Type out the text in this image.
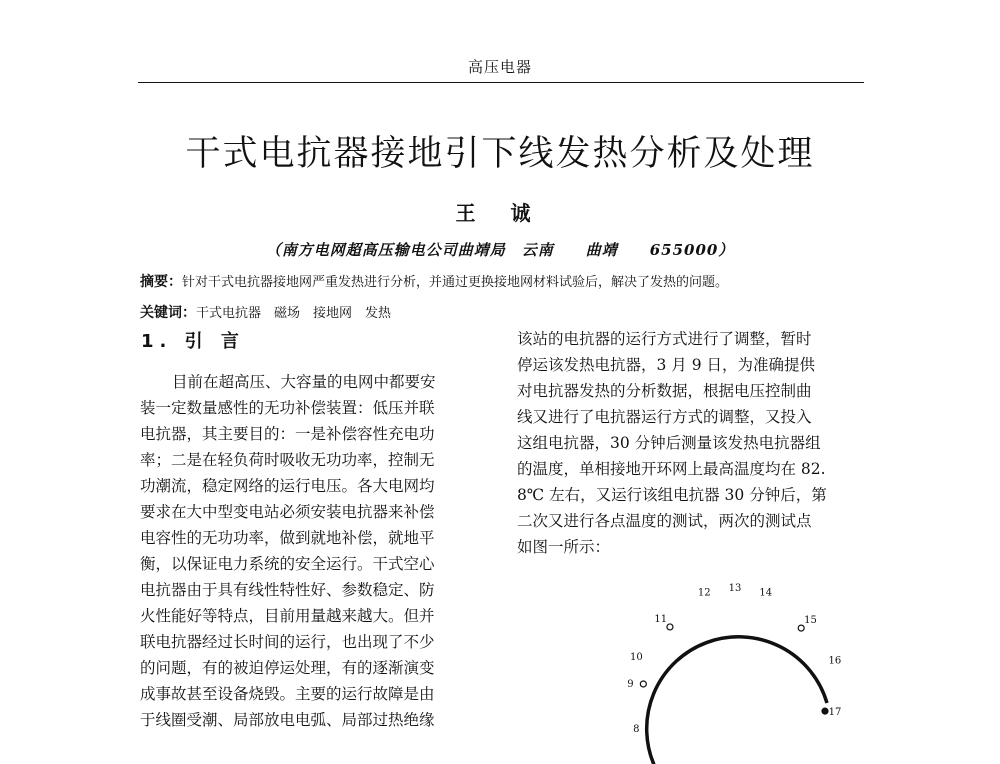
高压电器
干式电抗器接地引下线发热分析及处理
王 诚
（南方电网超高压输电公司曲靖局　云南　　曲靖　　655000）
摘要：针对干式电抗器接地网严重发热进行分析，并通过更换接地网材料试验后，解决了发热的问题。
关键词：干式电抗器　磁场　接地网　发热
1. 引 言
目前在超高压、大容量的电网中都要安
装一定数量感性的无功补偿装置：低压并联
电抗器，其主要目的：一是补偿容性充电功
率；二是在轻负荷时吸收无功功率，控制无
功潮流，稳定网络的运行电压。各大电网均
要求在大中型变电站必须安装电抗器来补偿
电容性的无功功率，做到就地补偿，就地平
衡，以保证电力系统的安全运行。干式空心
电抗器由于具有线性特性好、参数稳定、防
火性能好等特点，目前用量越来越大。但并
联电抗器经过长时间的运行，也出现了不少
的问题，有的被迫停运处理，有的逐渐演变
成事故甚至设备烧毁。主要的运行故障是由
于线圈受潮、局部放电电弧、局部过热绝缘
该站的电抗器的运行方式进行了调整，暂时
停运该发热电抗器，3 月 9 日，为准确提供
对电抗器发热的分析数据，根据电压控制曲
线又进行了电抗器运行方式的调整，又投入
这组电抗器，30 分钟后测量该发热电抗器组
的温度，单相接地开环网上最高温度均在 82.
8℃ 左右，又运行该组电抗器 30 分钟后，第
二次又进行各点温度的测试，两次的测试点
如图一所示：
8
9
10
11
12 13 14
15
16
17
